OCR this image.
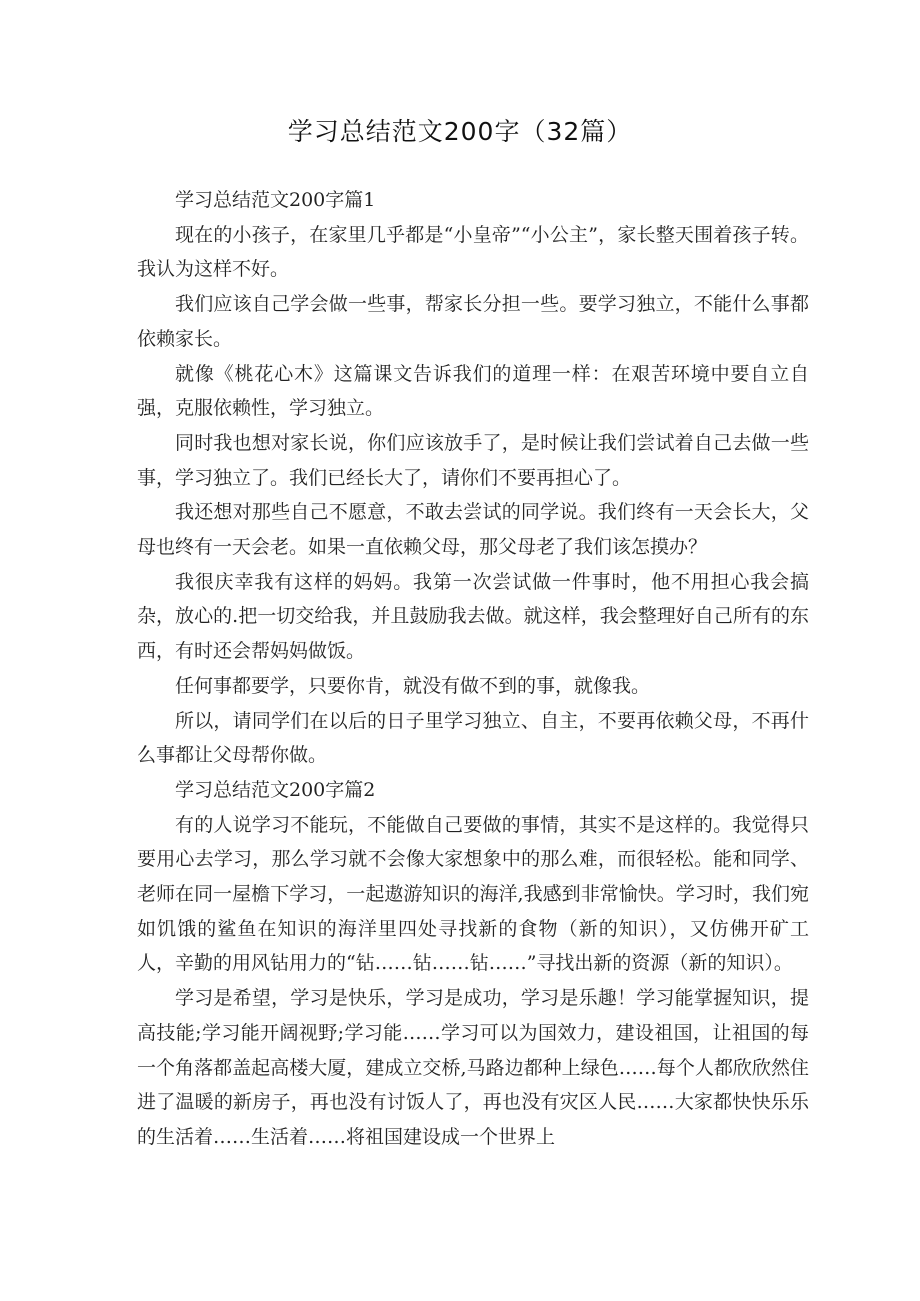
学习总结范文200字（32篇）

学习总结范文200字篇1

现在的小孩子，在家里几乎都是“小皇帝”“小公主”，家长整天围着孩子转。我认为这样不好。

我们应该自己学会做一些事，帮家长分担一些。要学习独立，不能什么事都依赖家长。

就像《桃花心木》这篇课文告诉我们的道理一样：在艰苦环境中要自立自强，克服依赖性，学习独立。

同时我也想对家长说，你们应该放手了，是时候让我们尝试着自己去做一些事，学习独立了。我们已经长大了，请你们不要再担心了。

我还想对那些自己不愿意，不敢去尝试的同学说。我们终有一天会长大，父母也终有一天会老。如果一直依赖父母，那父母老了我们该怎摸办？

我很庆幸我有这样的妈妈。我第一次尝试做一件事时，他不用担心我会搞杂，放心的.把一切交给我，并且鼓励我去做。就这样，我会整理好自己所有的东西，有时还会帮妈妈做饭。

任何事都要学，只要你肯，就没有做不到的事，就像我。

所以，请同学们在以后的日子里学习独立、自主，不要再依赖父母，不再什么事都让父母帮你做。

学习总结范文200字篇2

有的人说学习不能玩，不能做自己要做的事情，其实不是这样的。我觉得只要用心去学习，那么学习就不会像大家想象中的那么难，而很轻松。能和同学、老师在同一屋檐下学习，一起遨游知识的海洋,我感到非常愉快。学习时，我们宛如饥饿的鲨鱼在知识的海洋里四处寻找新的食物（新的知识），又仿佛开矿工人，辛勤的用风钻用力的“钻……钻……钻……”寻找出新的资源（新的知识）。

学习是希望，学习是快乐，学习是成功，学习是乐趣！学习能掌握知识，提高技能;学习能开阔视野;学习能……学习可以为国效力，建设祖国，让祖国的每一个角落都盖起高楼大厦，建成立交桥,马路边都种上绿色……每个人都欣欣然住进了温暖的新房子，再也没有讨饭人了，再也没有灾区人民……大家都快快乐乐的生活着……生活着……将祖国建设成一个世界上
